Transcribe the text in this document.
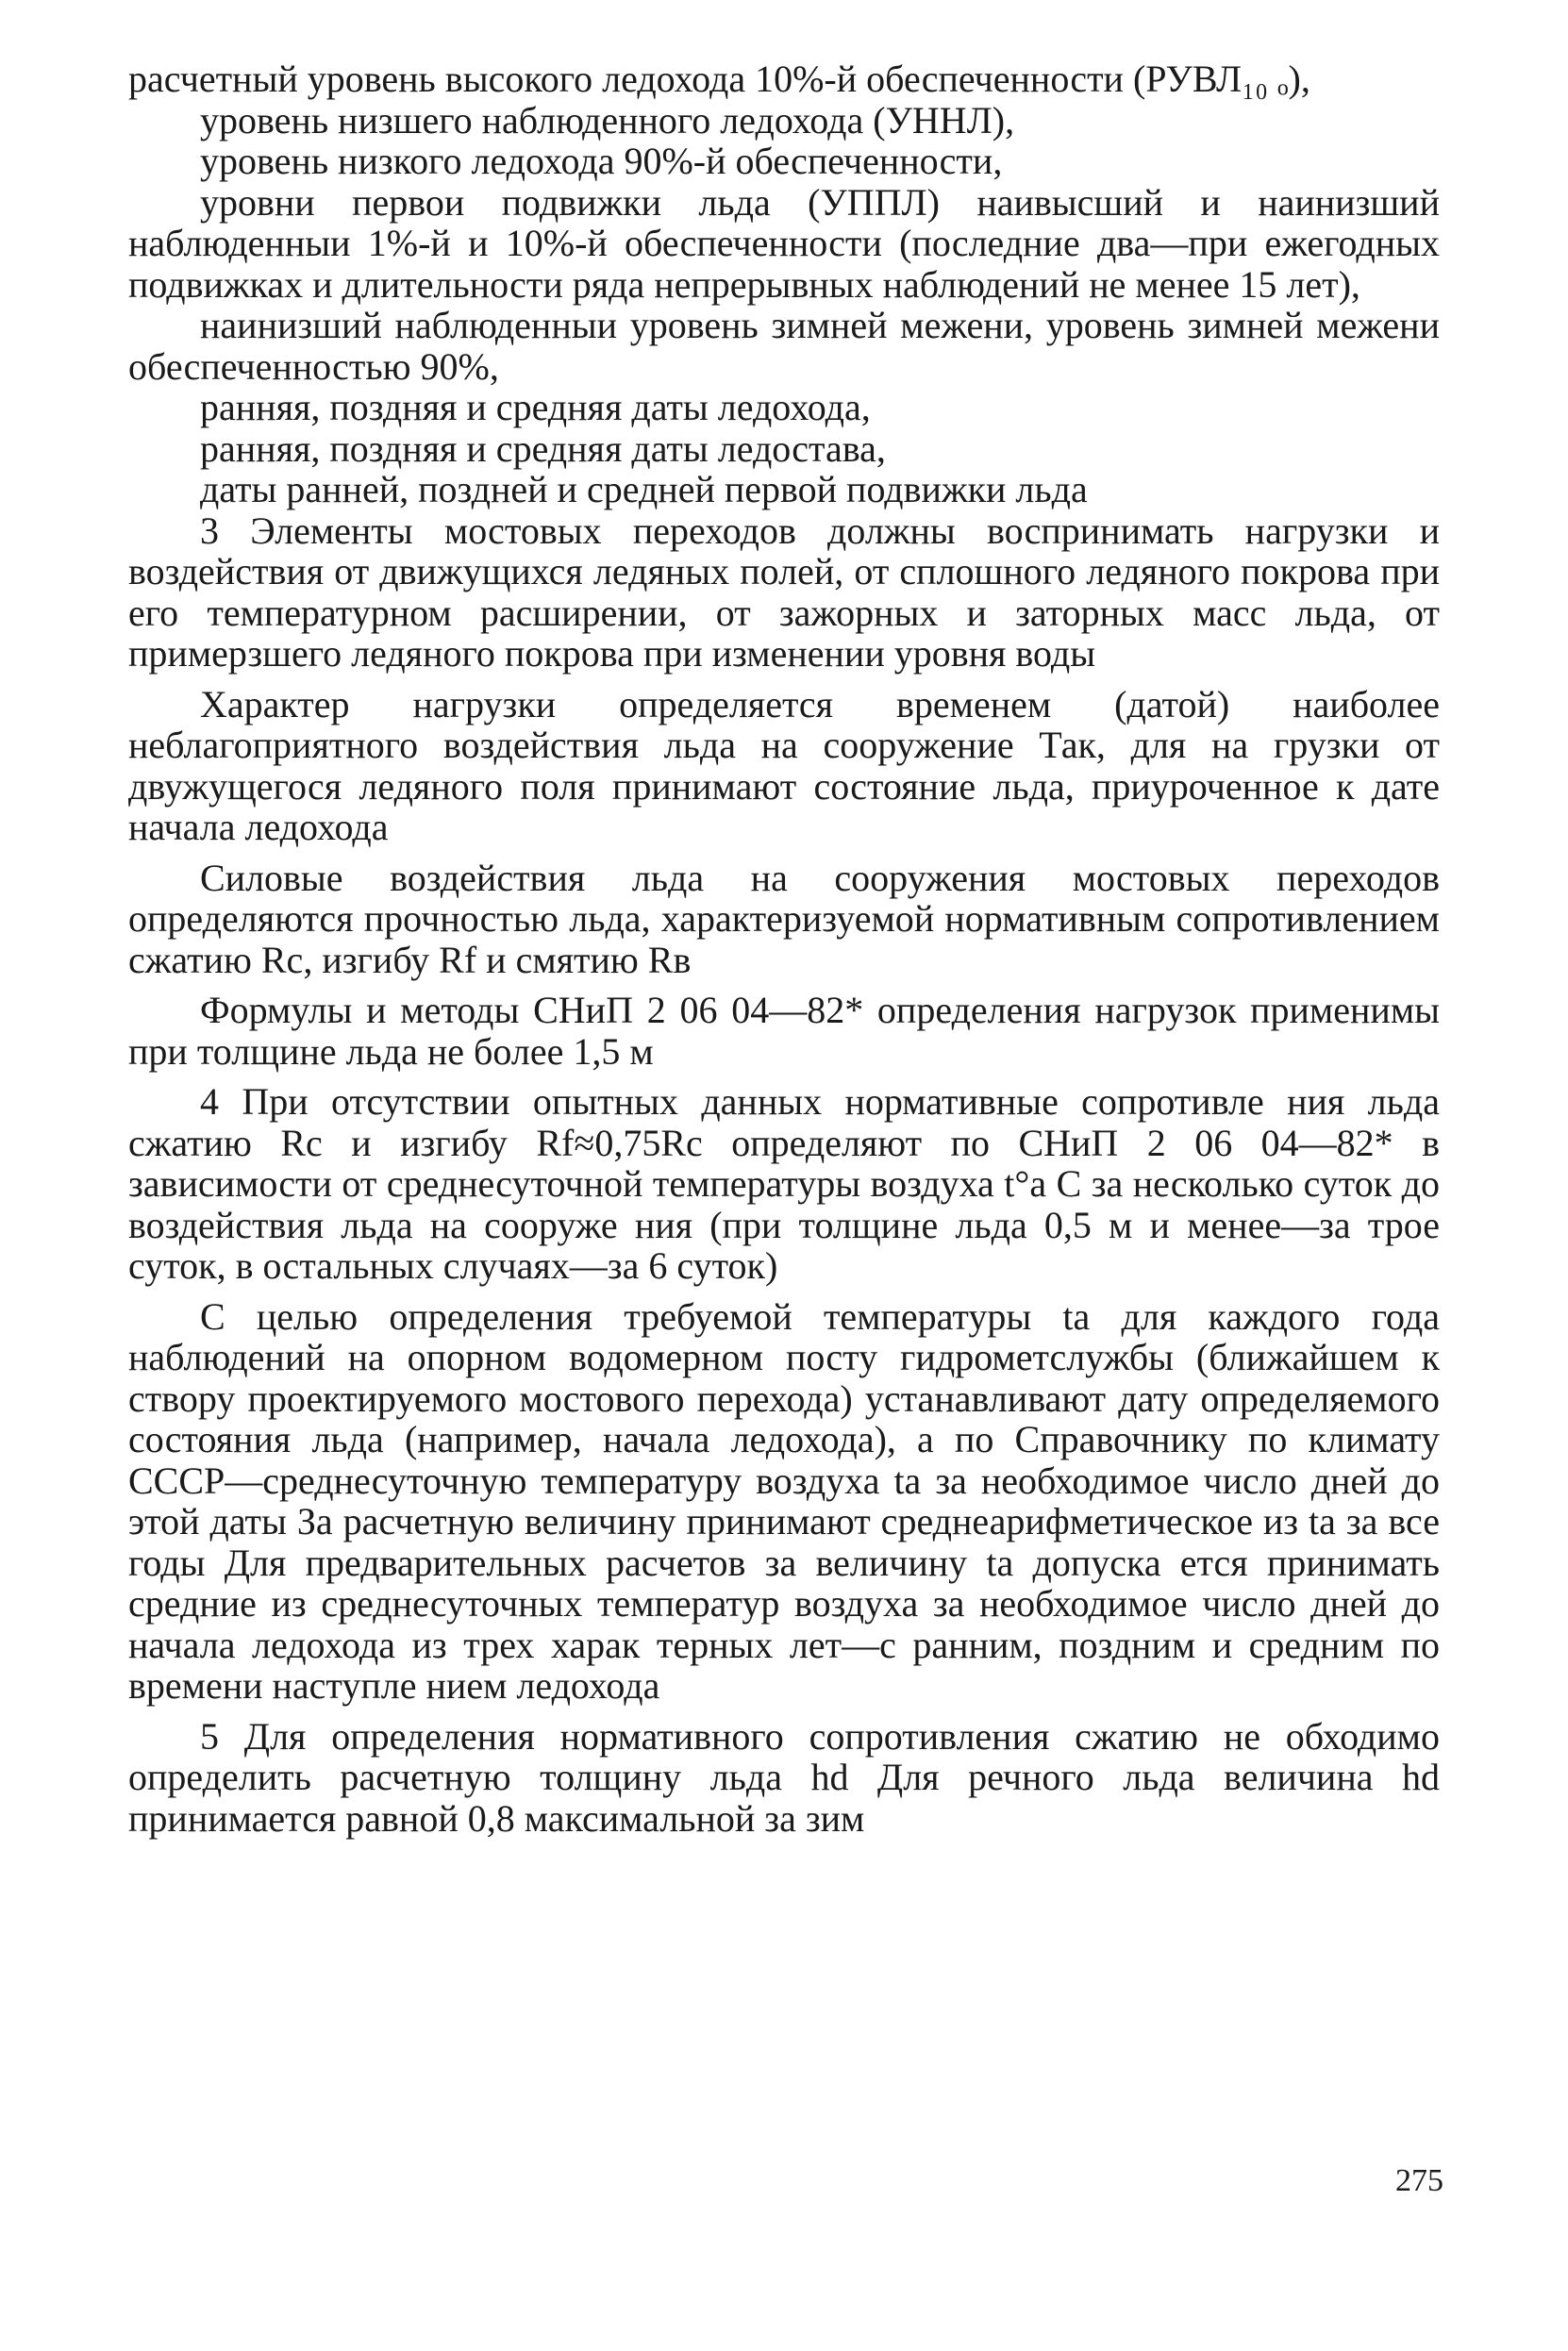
расчетный уровень высокого ледохода 10%-й обеспеченности (РУВЛ₁₀ ₒ),

уровень низшего наблюденного ледохода (УННЛ),

уровень низкого ледохода 90%-й обеспеченности,

уровни первои подвижки льда (УППЛ) наивысший и наинизший наблюденныи 1%-й и 10%-й обеспеченности (последние два—при ежегодных подвижках и длительности ряда непрерывных наблюдений не менее 15 лет),

наинизший наблюденныи уровень зимней межени, уровень зимней межени обеспеченностью 90%,

ранняя, поздняя и средняя даты ледохода,

ранняя, поздняя и средняя даты ледостава,

даты ранней, поздней и средней первой подвижки льда

3 Элементы мостовых переходов должны воспринимать нагрузки и воздействия от движущихся ледяных полей, от сплошного ледяного покрова при его температурном расширении, от зажорных и заторных масс льда, от примерзшего ледяного покрова при изменении уровня воды

Характер нагрузки определяется временем (датой) наиболее неблагоприятного воздействия льда на сооружение Так, для на грузки от двужущегося ледяного поля принимают состояние льда, приуроченное к дате начала ледохода

Силовые воздействия льда на сооружения мостовых переходов определяются прочностью льда, характеризуемой нормативным сопротивлением сжатию Rc, изгибу Rf и смятию Rв

Формулы и методы СНиП 2 06 04—82* определения нагрузок применимы при толщине льда не более 1,5 м

4 При отсутствии опытных данных нормативные сопротивле ния льда сжатию Rc и изгибу Rf≈0,75Rc определяют по СНиП 2 06 04—82* в зависимости от среднесуточной температуры воздуха t°a С за несколько суток до воздействия льда на сооруже ния (при толщине льда 0,5 м и менее—за трое суток, в остальных случаях—за 6 суток)

С целью определения требуемой температуры ta для каждого года наблюдений на опорном водомерном посту гидрометслужбы (ближайшем к створу проектируемого мостового перехода) устанавливают дату определяемого состояния льда (например, начала ледохода), а по Справочнику по климату СССР—среднесуточную температуру воздуха ta за необходимое число дней до этой даты За расчетную величину принимают среднеарифметическое из ta за все годы Для предварительных расчетов за величину ta допуска ется принимать средние из среднесуточных температур воздуха за необходимое число дней до начала ледохода из трех харак терных лет—с ранним, поздним и средним по времени наступле нием ледохода

5 Для определения нормативного сопротивления сжатию не обходимо определить расчетную толщину льда hd Для речного льда величина hd принимается равной 0,8 максимальной за зим

275
